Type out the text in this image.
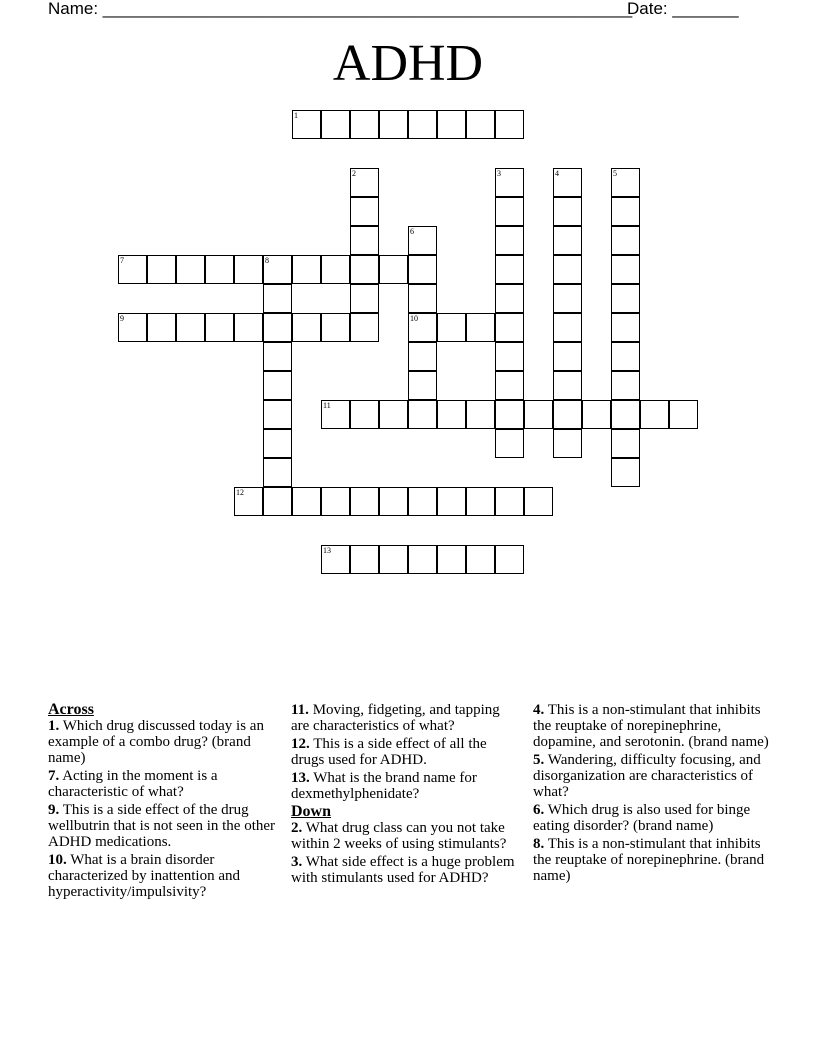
Name: ________________________________________________________
Date: _______
ADHD
1
2	3	4	5
6
10
7	8
9
11
12
13
Across
1. Which drug discussed today is an example of a combo drug? (brand name)
7. Acting in the moment is a characteristic of what?
9. This is a side effect of the drug wellbutrin that is not seen in the other ADHD medications.
10. What is a brain disorder characterized by inattention and hyperactivity/impulsivity?
11. Moving, fidgeting, and tapping are characteristics of what?
12. This is a side effect of all the drugs used for ADHD.
13. What is the brand name for dexmethylphenidate?
Down
2. What drug class can you not take within 2 weeks of using stimulants?
3. What side effect is a huge problem with stimulants used for ADHD?
4. This is a non-stimulant that inhibits the reuptake of norepinephrine, dopamine, and serotonin. (brand name)
5. Wandering, difficulty focusing, and disorganization are characteristics of what?
6. Which drug is also used for binge eating disorder? (brand name)
8. This is a non-stimulant that inhibits the reuptake of norepinephrine. (brand name)
